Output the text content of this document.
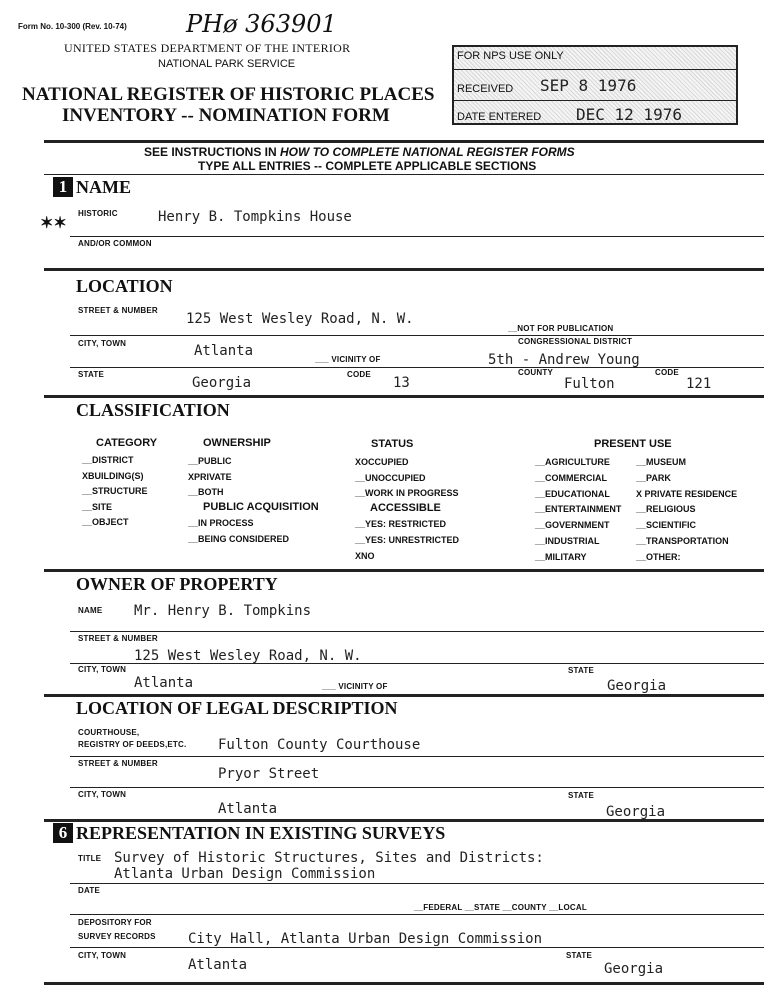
Form No. 10-300 (Rev. 10-74) PHø 363901
UNITED STATES DEPARTMENT OF THE INTERIOR
NATIONAL PARK SERVICE
NATIONAL REGISTER OF HISTORIC PLACES
INVENTORY -- NOMINATION FORM
FOR NPS USE ONLY
RECEIVED SEP 8 1976
DATE ENTERED DEC 12 1976
SEE INSTRUCTIONS IN HOW TO COMPLETE NATIONAL REGISTER FORMS
TYPE ALL ENTRIES -- COMPLETE APPLICABLE SECTIONS
1 NAME
✶✶
HISTORIC	Henry B. Tompkins House
AND/OR COMMON
LOCATION
STREET & NUMBER
125 West Wesley Road, N. W.
__NOT FOR PUBLICATION
CITY, TOWN	Atlanta
___ VICINITY OF
CONGRESSIONAL DISTRICT
5th - Andrew Young
STATE
Georgia
CODE
13
COUNTY
Fulton
CODE
121
CLASSIFICATION
CATEGORY
__DISTRICT
XBUILDING(S)
__STRUCTURE
__SITE
__OBJECT
OWNERSHIP
__PUBLIC
XPRIVATE
__BOTH
PUBLIC ACQUISITION
__IN PROCESS
__BEING CONSIDERED
STATUS
XOCCUPIED
__UNOCCUPIED
__WORK IN PROGRESS
ACCESSIBLE
__YES: RESTRICTED
__YES: UNRESTRICTED
XNO
PRESENT USE
__AGRICULTURE
__COMMERCIAL
__EDUCATIONAL
__ENTERTAINMENT
__GOVERNMENT
__INDUSTRIAL
__MILITARY
__MUSEUM
__PARK
X PRIVATE RESIDENCE
__RELIGIOUS
__SCIENTIFIC
__TRANSPORTATION
__OTHER:
OWNER OF PROPERTY
NAME Mr. Henry B. Tompkins
STREET & NUMBER
125 West Wesley Road, N. W.
CITY, TOWN
Atlanta	___ VICINITY OF
STATE
Georgia
LOCATION OF LEGAL DESCRIPTION
COURTHOUSE,
REGISTRY OF DEEDS,ETC. Fulton County Courthouse
STREET & NUMBER
Pryor Street
CITY, TOWN
Atlanta
STATE
Georgia
6 REPRESENTATION IN EXISTING SURVEYS
TITLE Survey of Historic Structures, Sites and Districts:
Atlanta Urban Design Commission
DATE
__FEDERAL __STATE __COUNTY __LOCAL
DEPOSITORY FOR
SURVEY RECORDS City Hall, Atlanta Urban Design Commission
CITY, TOWN
Atlanta
STATE
Georgia
